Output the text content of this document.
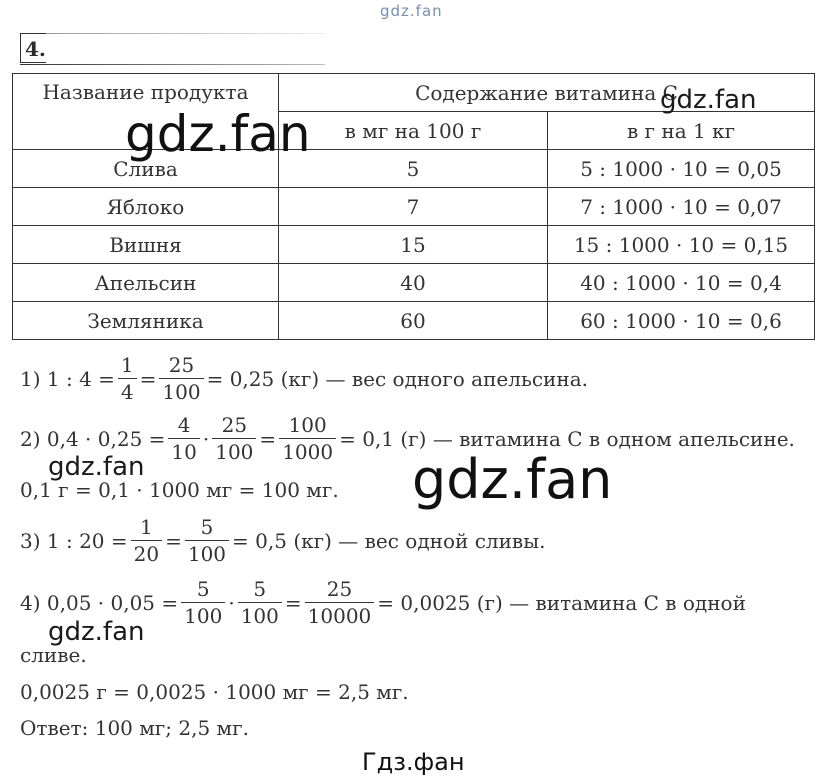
gdz.fan
4.
Название продукта	Содержание витамина С	
	в мг на 100 г	в г на 1 кг
Слива	5	5 : 1000 · 10 = 0,05
Яблоко	7	7 : 1000 · 10 = 0,07
Вишня	15	15 : 1000 · 10 = 0,15
Апельсин	40	40 : 1000 · 10 = 0,4
Земляника	60	60 : 1000 · 10 = 0,6
gdz.fan
gdz.fan
1) 1 : $4 = \frac{1}{4} = \frac{25}{100} = 0,25$ (кг) — вес одного апельсина.
2) $0,4 \cdot 0,25 = \frac{4}{10} \cdot \frac{25}{100} = \frac{100}{1000} = 0,1$ (г) — витамина С в одном апельсине.
0,1 г = 0,1 · 1000 мг = 100 мг.
gdz.fan	gdz.fan
3) 1 : $20 = \frac{1}{20} = \frac{5}{100} = 0,5$ (кг) — вес одной сливы.
4) $0,05 \cdot 0,05 = \frac{5}{100} \cdot \frac{5}{100} = \frac{25}{10000} = 0,0025$ (г) — витамина С в одной
gdz.fan
сливе.
0,0025 г = 0,0025 · 1000 мг = 2,5 мг.
Ответ: 100 мг; 2,5 мг.
Гдз.фан
